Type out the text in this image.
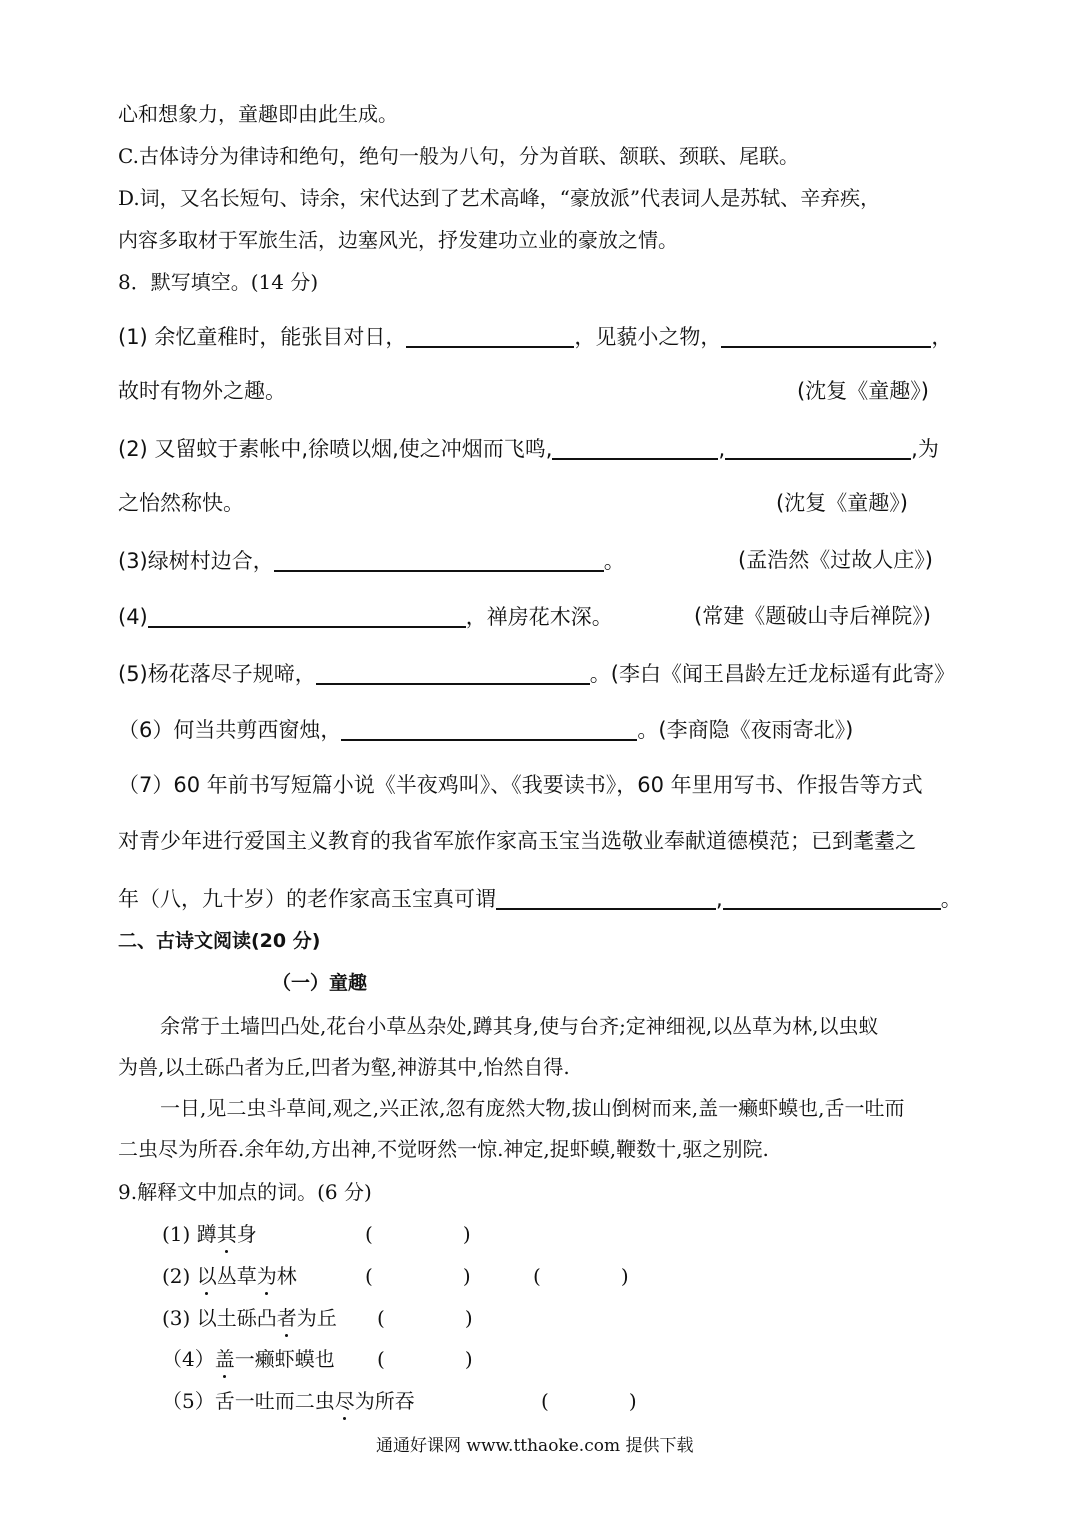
心和想象力，童趣即由此生成。
C.古体诗分为律诗和绝句，绝句一般为八句，分为首联、颔联、颈联、尾联。
D.词，又名长短句、诗余，宋代达到了艺术高峰，“豪放派”代表词人是苏轼、辛弃疾，
内容多取材于军旅生活，边塞风光，抒发建功立业的豪放之情。
8．默写填空。(14 分)
(1) 余忆童稚时，能张目对日，	，见藐小之物，	，
故时有物外之趣。	(沈复《童趣》)
(2) 又留蚊于素帐中,徐喷以烟,使之冲烟而飞鸣,	,	,为
之怡然称快。	(沈复《童趣》)
(3)绿树村边合，	。	(孟浩然《过故人庄》)
(4)	，禅房花木深。	(常建《题破山寺后禅院》)
(5)杨花落尽子规啼，	。(李白《闻王昌龄左迁龙标遥有此寄》
（6）何当共剪西窗烛，	。(李商隐《夜雨寄北》)
（7）60 年前书写短篇小说《半夜鸡叫》、《我要读书》，60 年里用写书、作报告等方式
对青少年进行爱国主义教育的我省军旅作家高玉宝当选敬业奉献道德模范；已到耄耋之
年（八，九十岁）的老作家高玉宝真可谓	,	。
二、古诗文阅读(20 分)
（一）童趣
余常于土墙凹凸处,花台小草丛杂处,蹲其身,使与台齐;定神细视,以丛草为林,以虫蚁
为兽,以土砾凸者为丘,凹者为壑,神游其中,怡然自得.
一日,见二虫斗草间,观之,兴正浓,忽有庞然大物,拔山倒树而来,盖一癞虾蟆也,舌一吐而
二虫尽为所吞.余年幼,方出神,不觉呀然一惊.神定,捉虾蟆,鞭数十,驱之别院.
9.解释文中加点的词。(6 分)
(1) 蹲其身	(	)
(2) 以丛草为林	(	)	(	)
(3) 以土砾凸者为丘 (	)
（4）盖一癞虾蟆也 (	)
（5）舌一吐而二虫尽为所吞	(	)
通通好课网 www.tthaoke.com 提供下载
